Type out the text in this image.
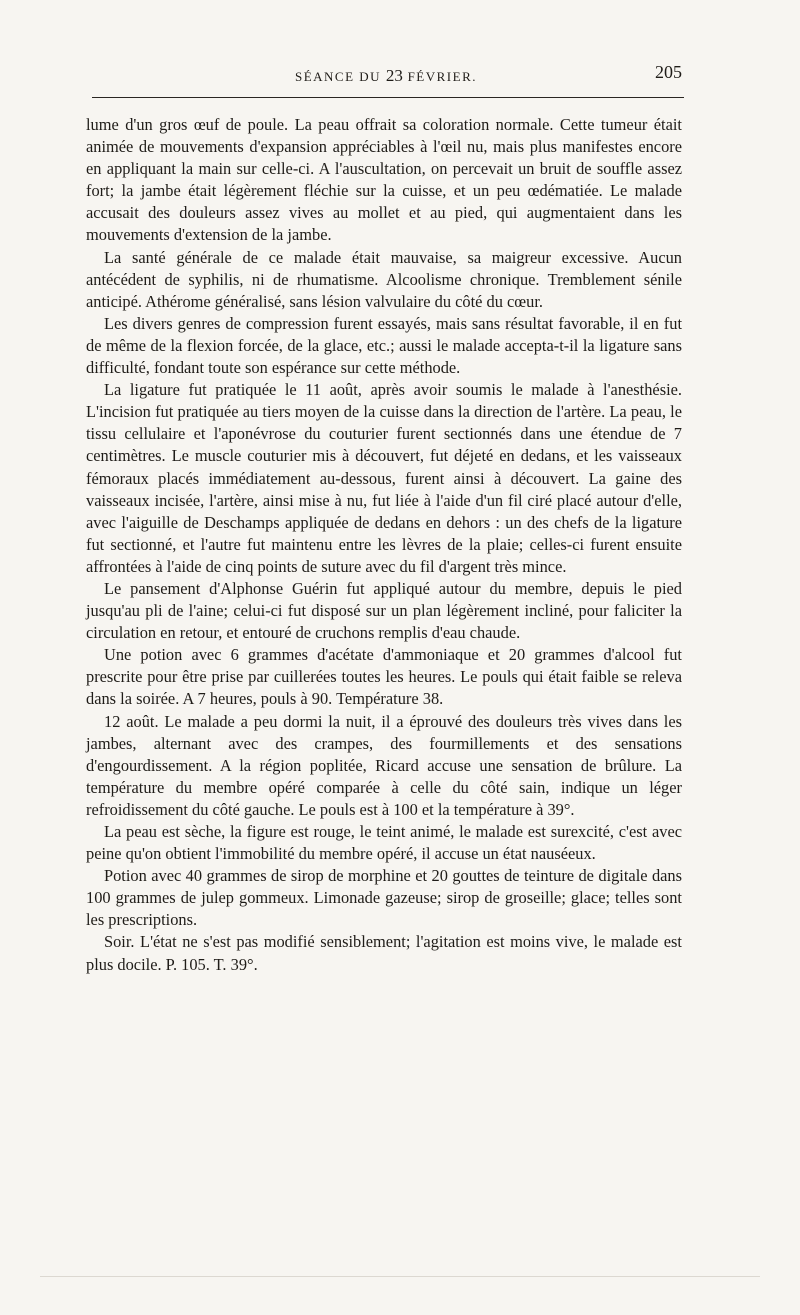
SÉANCE DU 23 FÉVRIER.	205

lume d'un gros œuf de poule. La peau offrait sa coloration normale. Cette tumeur était animée de mouvements d'expansion appréciables à l'œil nu, mais plus manifestes encore en appliquant la main sur celle-ci. A l'auscultation, on percevait un bruit de souffle assez fort; la jambe était légèrement fléchie sur la cuisse, et un peu œdématiée. Le malade accusait des douleurs assez vives au mollet et au pied, qui augmentaient dans les mouvements d'extension de la jambe.

La santé générale de ce malade était mauvaise, sa maigreur excessive. Aucun antécédent de syphilis, ni de rhumatisme. Alcoolisme chronique. Tremblement sénile anticipé. Athérome généralisé, sans lésion valvulaire du côté du cœur.

Les divers genres de compression furent essayés, mais sans résultat favorable, il en fut de même de la flexion forcée, de la glace, etc.; aussi le malade accepta-t-il la ligature sans difficulté, fondant toute son espérance sur cette méthode.

La ligature fut pratiquée le 11 août, après avoir soumis le malade à l'anesthésie. L'incision fut pratiquée au tiers moyen de la cuisse dans la direction de l'artère. La peau, le tissu cellulaire et l'aponévrose du couturier furent sectionnés dans une étendue de 7 centimètres. Le muscle couturier mis à découvert, fut déjeté en dedans, et les vaisseaux fémoraux placés immédiatement au-dessous, furent ainsi à découvert. La gaine des vaisseaux incisée, l'artère, ainsi mise à nu, fut liée à l'aide d'un fil ciré placé autour d'elle, avec l'aiguille de Deschamps appliquée de dedans en dehors : un des chefs de la ligature fut sectionné, et l'autre fut maintenu entre les lèvres de la plaie; celles-ci furent ensuite affrontées à l'aide de cinq points de suture avec du fil d'argent très mince.

Le pansement d'Alphonse Guérin fut appliqué autour du membre, depuis le pied jusqu'au pli de l'aine; celui-ci fut disposé sur un plan légèrement incliné, pour faliciter la circulation en retour, et entouré de cruchons remplis d'eau chaude.

Une potion avec 6 grammes d'acétate d'ammoniaque et 20 grammes d'alcool fut prescrite pour être prise par cuillerées toutes les heures. Le pouls qui était faible se releva dans la soirée. A 7 heures, pouls à 90. Température 38.

12 août. Le malade a peu dormi la nuit, il a éprouvé des douleurs très vives dans les jambes, alternant avec des crampes, des fourmillements et des sensations d'engourdissement. A la région poplitée, Ricard accuse une sensation de brûlure. La température du membre opéré comparée à celle du côté sain, indique un léger refroidissement du côté gauche. Le pouls est à 100 et la température à 39°.

La peau est sèche, la figure est rouge, le teint animé, le malade est surexcité, c'est avec peine qu'on obtient l'immobilité du membre opéré, il accuse un état nauséeux.

Potion avec 40 grammes de sirop de morphine et 20 gouttes de teinture de digitale dans 100 grammes de julep gommeux. Limonade gazeuse; sirop de groseille; glace; telles sont les prescriptions.

Soir. L'état ne s'est pas modifié sensiblement; l'agitation est moins vive, le malade est plus docile. P. 105. T. 39°.
